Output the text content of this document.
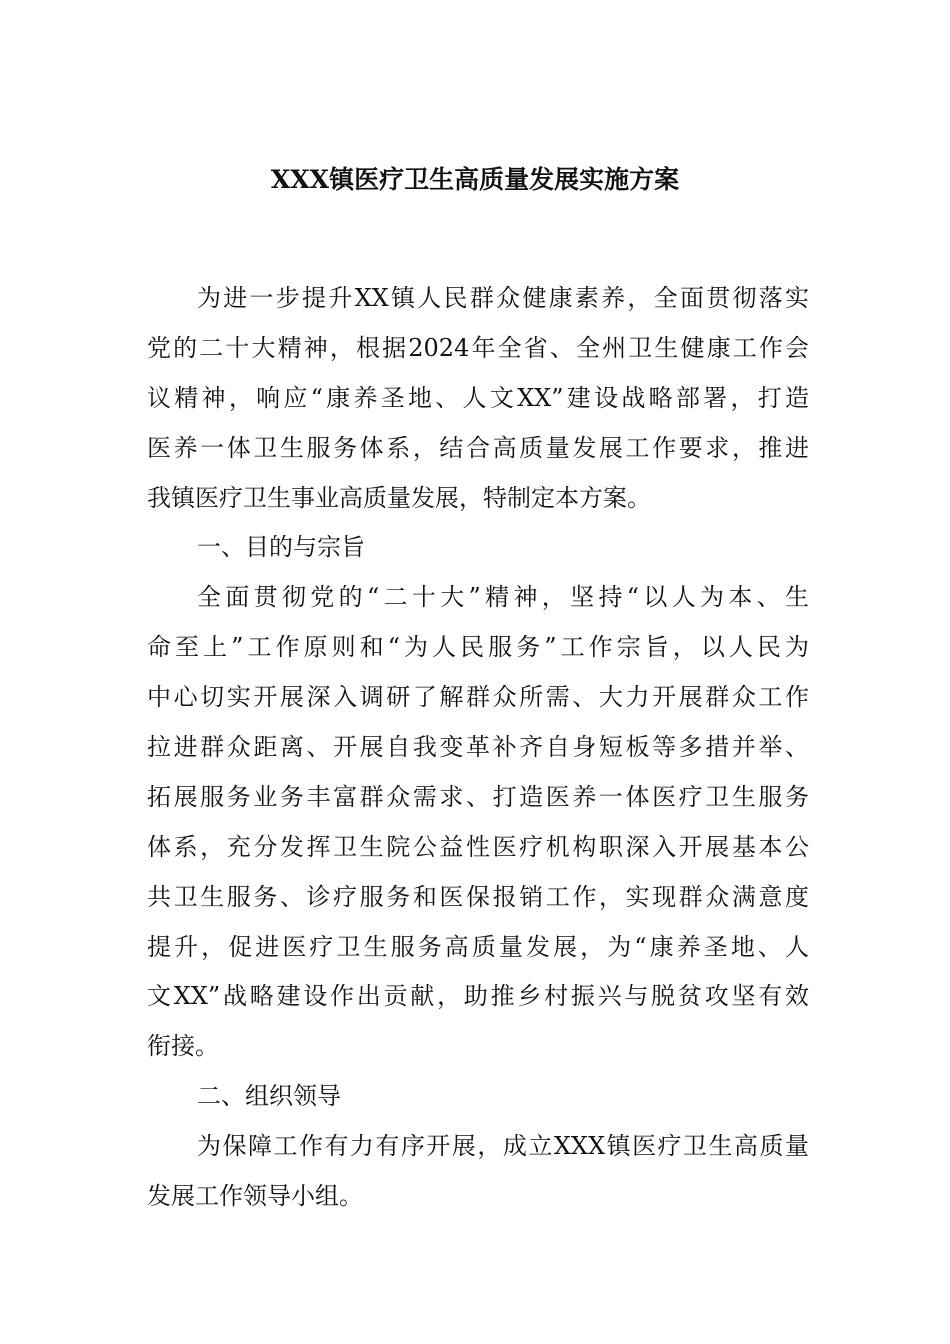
XXX镇医疗卫生高质量发展实施方案
为进一步提升XX镇人民群众健康素养，全面贯彻落实
党的二十大精神，根据2024年全省、全州卫生健康工作会
议精神，响应“康养圣地、人文XX”建设战略部署，打造
医养一体卫生服务体系，结合高质量发展工作要求，推进
我镇医疗卫生事业高质量发展，特制定本方案。
一、目的与宗旨
全面贯彻党的“二十大”精神，坚持“以人为本、生
命至上”工作原则和“为人民服务”工作宗旨，以人民为
中心切实开展深入调研了解群众所需、大力开展群众工作
拉进群众距离、开展自我变革补齐自身短板等多措并举、
拓展服务业务丰富群众需求、打造医养一体医疗卫生服务
体系，充分发挥卫生院公益性医疗机构职深入开展基本公
共卫生服务、诊疗服务和医保报销工作，实现群众满意度
提升，促进医疗卫生服务高质量发展，为“康养圣地、人
文XX”战略建设作出贡献，助推乡村振兴与脱贫攻坚有效
衔接。
二、组织领导
为保障工作有力有序开展，成立XXX镇医疗卫生高质量
发展工作领导小组。
